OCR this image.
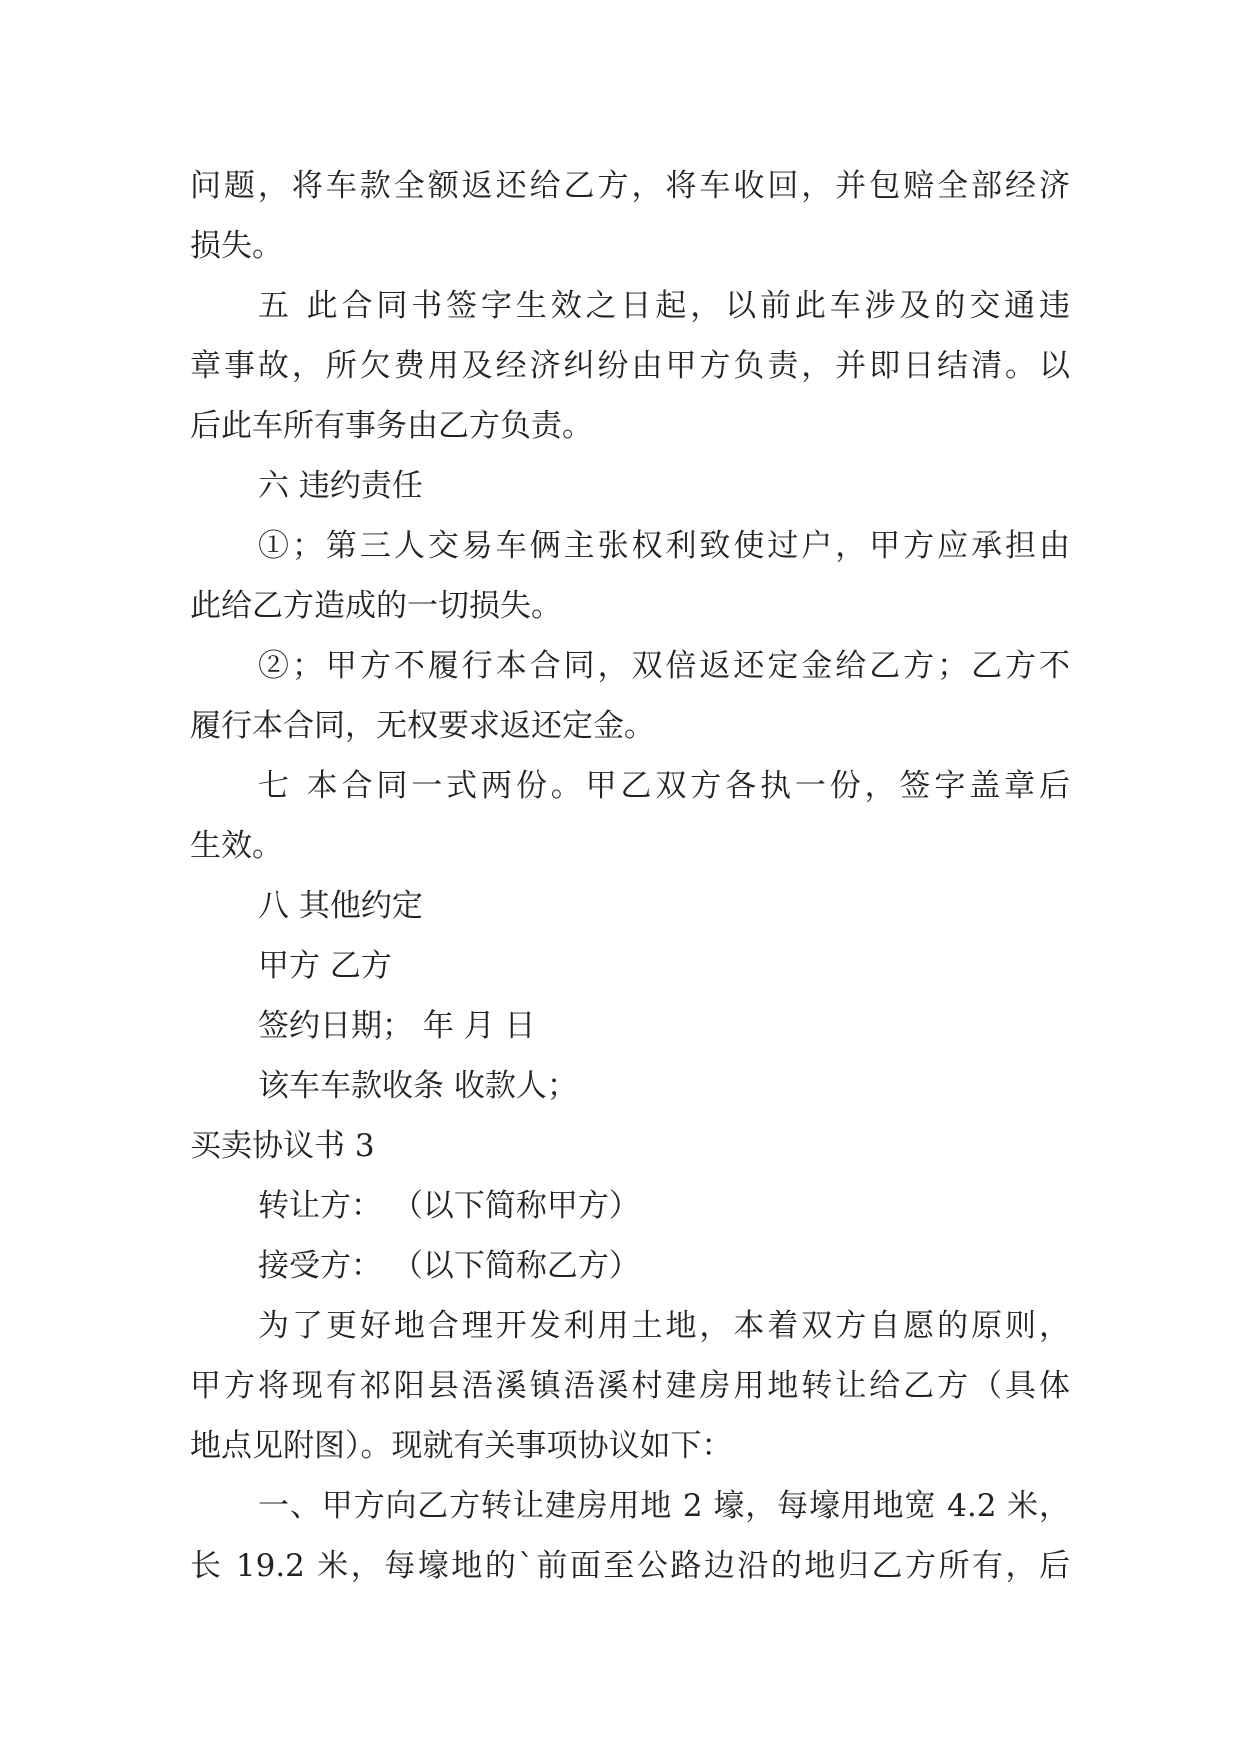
问题，将车款全额返还给乙方，将车收回，并包赔全部经济
损失。
五 此合同书签字生效之日起，以前此车涉及的交通违
章事故，所欠费用及经济纠纷由甲方负责，并即日结清。以
后此车所有事务由乙方负责。
六 违约责任
①；第三人交易车俩主张权利致使过户，甲方应承担由
此给乙方造成的一切损失。
②；甲方不履行本合同，双倍返还定金给乙方；乙方不
履行本合同，无权要求返还定金。
七 本合同一式两份。甲乙双方各执一份，签字盖章后
生效。
八 其他约定
甲方 乙方
签约日期； 年 月 日
该车车款收条 收款人；
买卖协议书 3
转让方： （以下简称甲方）
接受方： （以下简称乙方）
为了更好地合理开发利用土地，本着双方自愿的原则，
甲方将现有祁阳县浯溪镇浯溪村建房用地转让给乙方（具体
地点见附图）。现就有关事项协议如下：
一、甲方向乙方转让建房用地 2 壕，每壕用地宽 4.2 米，
长 19.2 米，每壕地的`前面至公路边沿的地归乙方所有，后
